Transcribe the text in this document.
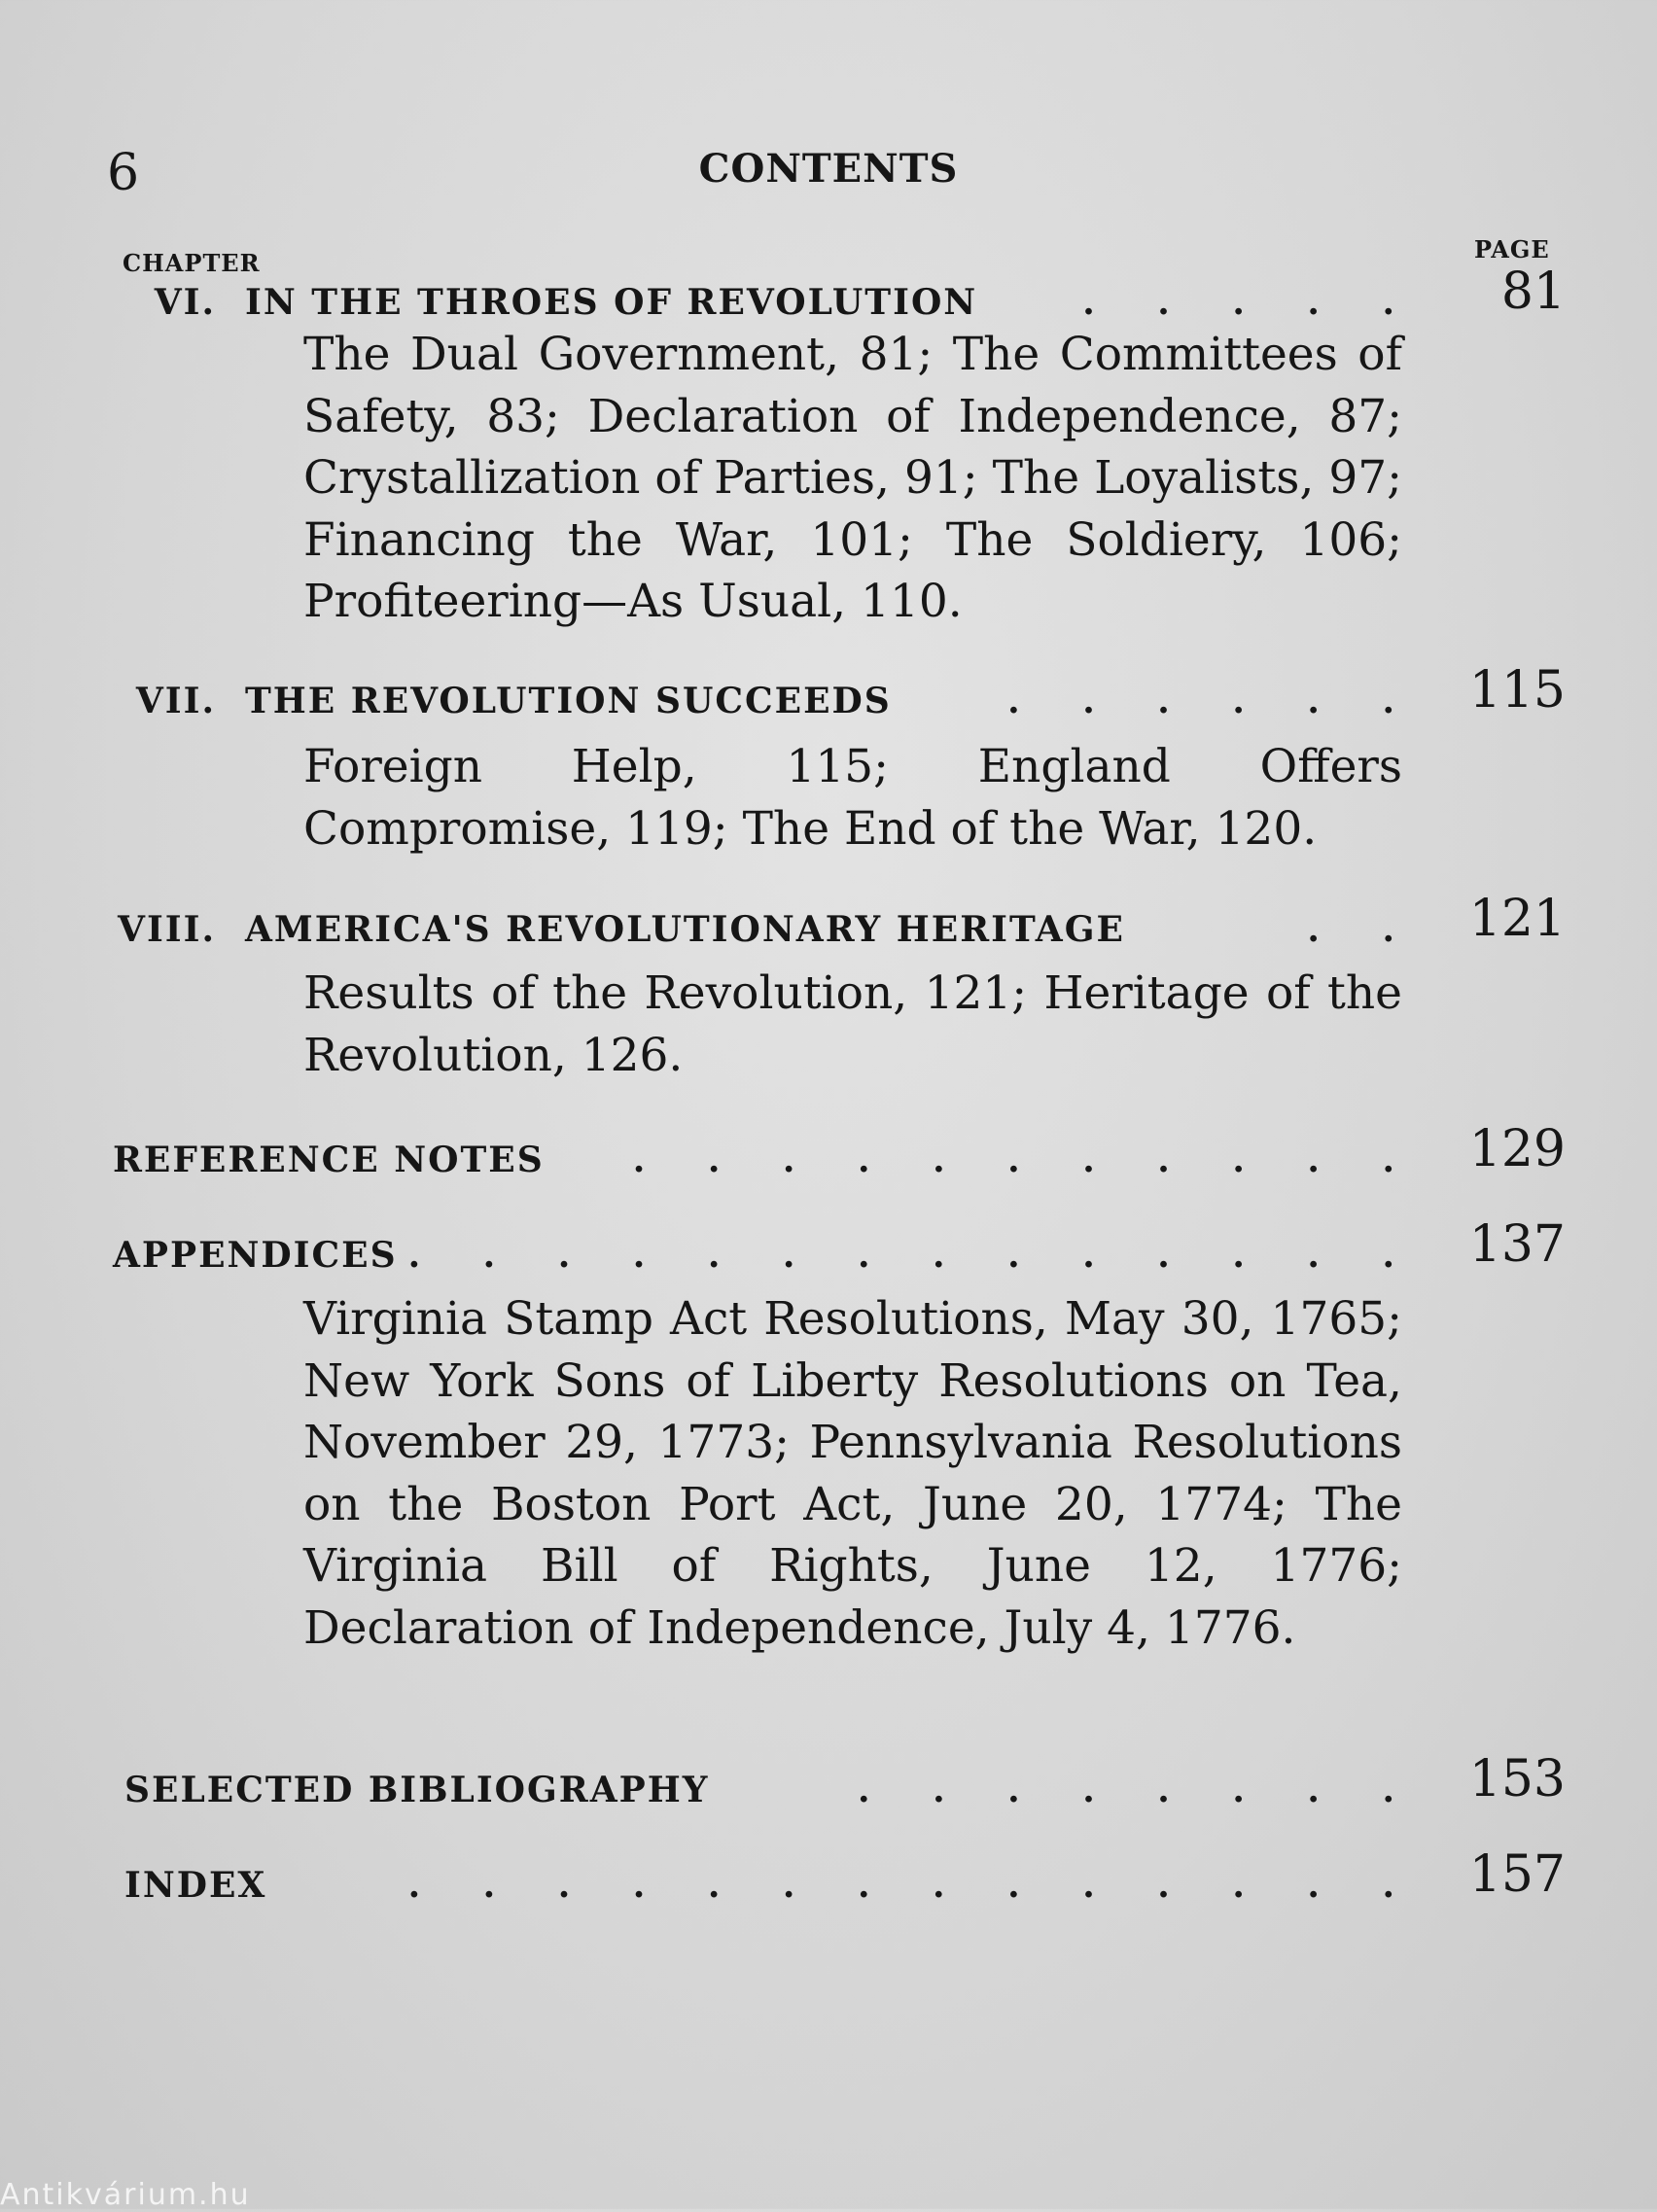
6	CONTENTS
CHAPTER	PAGE
VI. IN THE THROES OF REVOLUTION	. . . . .	81
The Dual Government, 81; The Committees of Safety, 83; Declaration of Independence, 87; Crystallization of Parties, 91; The Loyalists, 97; Financing the War, 101; The Soldiery, 106; Profiteering—As Usual, 110.
VII. THE REVOLUTION SUCCEEDS	. . . . . . 115
Foreign Help, 115; England Offers Compromise, 119; The End of the War, 120.
VIII. AMERICA'S REVOLUTIONARY HERITAGE	. . 121
Results of the Revolution, 121; Heritage of the Revolution, 126.
REFERENCE NOTES	. . . . . . . . . . . 129
APPENDICES . . . . . . . . . . . . . . 137
Virginia Stamp Act Resolutions, May 30, 1765; New York Sons of Liberty Resolutions on Tea, November 29, 1773; Pennsylvania Resolutions on the Boston Port Act, June 20, 1774; The Virginia Bill of Rights, June 12, 1776; Declaration of Independence, July 4, 1776.
SELECTED BIBLIOGRAPHY	. . . . . . . . 153
INDEX	. . . . . . . . . . . . . . 157
Antikvárium.hu
